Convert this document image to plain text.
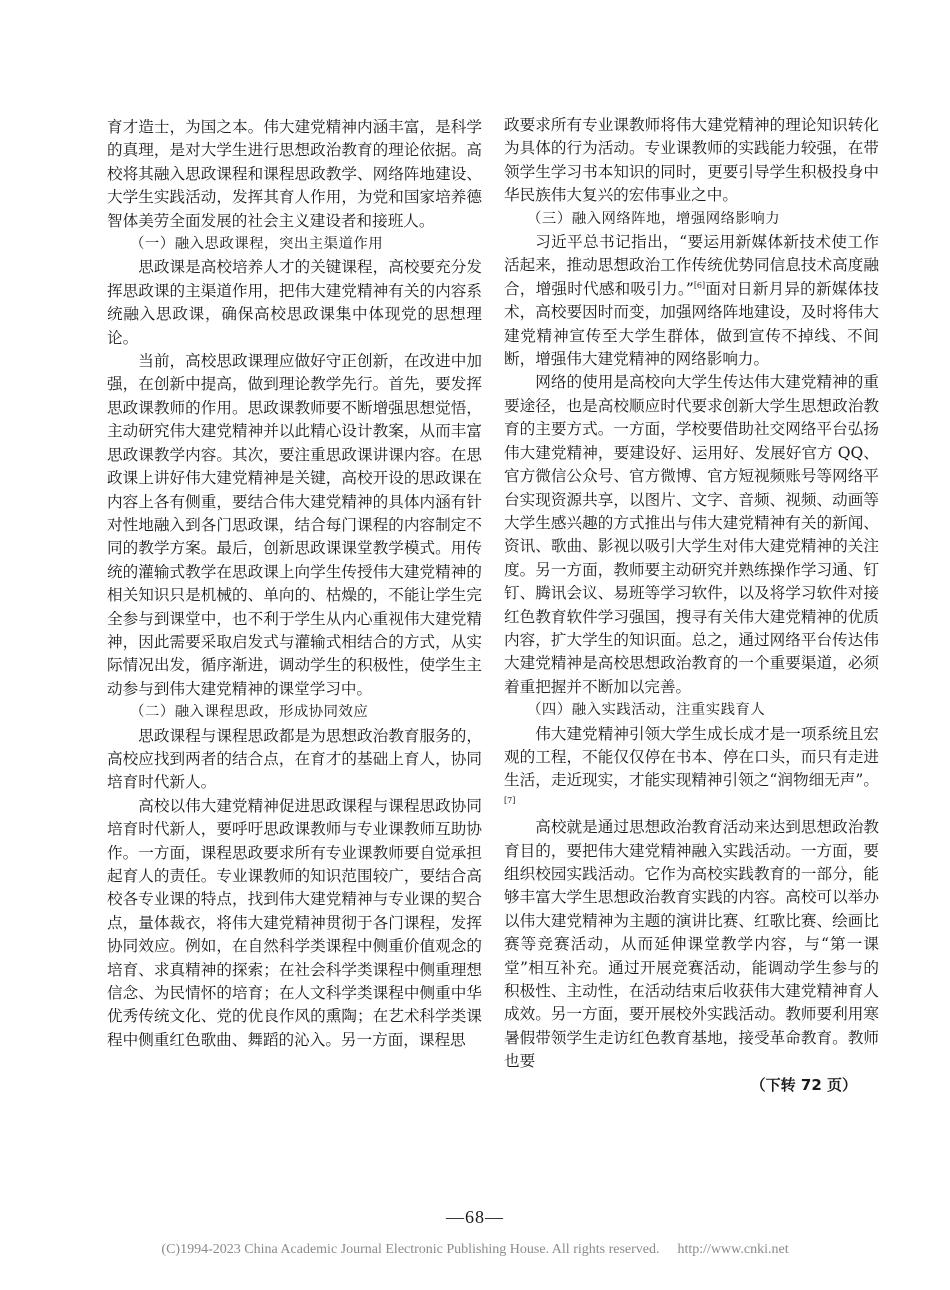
育才造士，为国之本。伟大建党精神内涵丰富，是科学的真理，是对大学生进行思想政治教育的理论依据。高校将其融入思政课程和课程思政教学、网络阵地建设、大学生实践活动，发挥其育人作用，为党和国家培养德智体美劳全面发展的社会主义建设者和接班人。

（一）融入思政课程，突出主渠道作用

思政课是高校培养人才的关键课程，高校要充分发挥思政课的主渠道作用，把伟大建党精神有关的内容系统融入思政课，确保高校思政课集中体现党的思想理论。

当前，高校思政课理应做好守正创新，在改进中加强，在创新中提高，做到理论教学先行。首先，要发挥思政课教师的作用。思政课教师要不断增强思想觉悟，主动研究伟大建党精神并以此精心设计教案，从而丰富思政课教学内容。其次，要注重思政课讲课内容。在思政课上讲好伟大建党精神是关键，高校开设的思政课在内容上各有侧重，要结合伟大建党精神的具体内涵有针对性地融入到各门思政课，结合每门课程的内容制定不同的教学方案。最后，创新思政课课堂教学模式。用传统的灌输式教学在思政课上向学生传授伟大建党精神的相关知识只是机械的、单向的、枯燥的，不能让学生完全参与到课堂中，也不利于学生从内心重视伟大建党精神，因此需要采取启发式与灌输式相结合的方式，从实际情况出发，循序渐进，调动学生的积极性，使学生主动参与到伟大建党精神的课堂学习中。

（二）融入课程思政，形成协同效应

思政课程与课程思政都是为思想政治教育服务的，高校应找到两者的结合点，在育才的基础上育人，协同培育时代新人。

高校以伟大建党精神促进思政课程与课程思政协同培育时代新人，要呼吁思政课教师与专业课教师互助协作。一方面，课程思政要求所有专业课教师要自觉承担起育人的责任。专业课教师的知识范围较广，要结合高校各专业课的特点，找到伟大建党精神与专业课的契合点，量体裁衣，将伟大建党精神贯彻于各门课程，发挥协同效应。例如，在自然科学类课程中侧重价值观念的培育、求真精神的探索；在社会科学类课程中侧重理想信念、为民情怀的培育；在人文科学类课程中侧重中华优秀传统文化、党的优良作风的熏陶；在艺术科学类课程中侧重红色歌曲、舞蹈的沁入。另一方面，课程思

政要求所有专业课教师将伟大建党精神的理论知识转化为具体的行为活动。专业课教师的实践能力较强，在带领学生学习书本知识的同时，更要引导学生积极投身中华民族伟大复兴的宏伟事业之中。

（三）融入网络阵地，增强网络影响力

习近平总书记指出，“要运用新媒体新技术使工作活起来，推动思想政治工作传统优势同信息技术高度融合，增强时代感和吸引力。”[6]面对日新月异的新媒体技术，高校要因时而变，加强网络阵地建设，及时将伟大建党精神宣传至大学生群体，做到宣传不掉线、不间断，增强伟大建党精神的网络影响力。

网络的使用是高校向大学生传达伟大建党精神的重要途径，也是高校顺应时代要求创新大学生思想政治教育的主要方式。一方面，学校要借助社交网络平台弘扬伟大建党精神，要建设好、运用好、发展好官方 QQ、官方微信公众号、官方微博、官方短视频账号等网络平台实现资源共享，以图片、文字、音频、视频、动画等大学生感兴趣的方式推出与伟大建党精神有关的新闻、资讯、歌曲、影视以吸引大学生对伟大建党精神的关注度。另一方面，教师要主动研究并熟练操作学习通、钉钉、腾讯会议、易班等学习软件，以及将学习软件对接红色教育软件学习强国，搜寻有关伟大建党精神的优质内容，扩大学生的知识面。总之，通过网络平台传达伟大建党精神是高校思想政治教育的一个重要渠道，必须着重把握并不断加以完善。

（四）融入实践活动，注重实践育人

伟大建党精神引领大学生成长成才是一项系统且宏观的工程，不能仅仅停在书本、停在口头，而只有走进生活，走近现实，才能实现精神引领之“润物细无声”。[7]

高校就是通过思想政治教育活动来达到思想政治教育目的，要把伟大建党精神融入实践活动。一方面，要组织校园实践活动。它作为高校实践教育的一部分，能够丰富大学生思想政治教育实践的内容。高校可以举办以伟大建党精神为主题的演讲比赛、红歌比赛、绘画比赛等竞赛活动，从而延伸课堂教学内容，与“第一课堂”相互补充。通过开展竞赛活动，能调动学生参与的积极性、主动性，在活动结束后收获伟大建党精神育人成效。另一方面，要开展校外实践活动。教师要利用寒暑假带领学生走访红色教育基地，接受革命教育。教师也要

（下转 72 页）
—68—
(C)1994-2023 China Academic Journal Electronic Publishing House. All rights reserved. http://www.cnki.net
